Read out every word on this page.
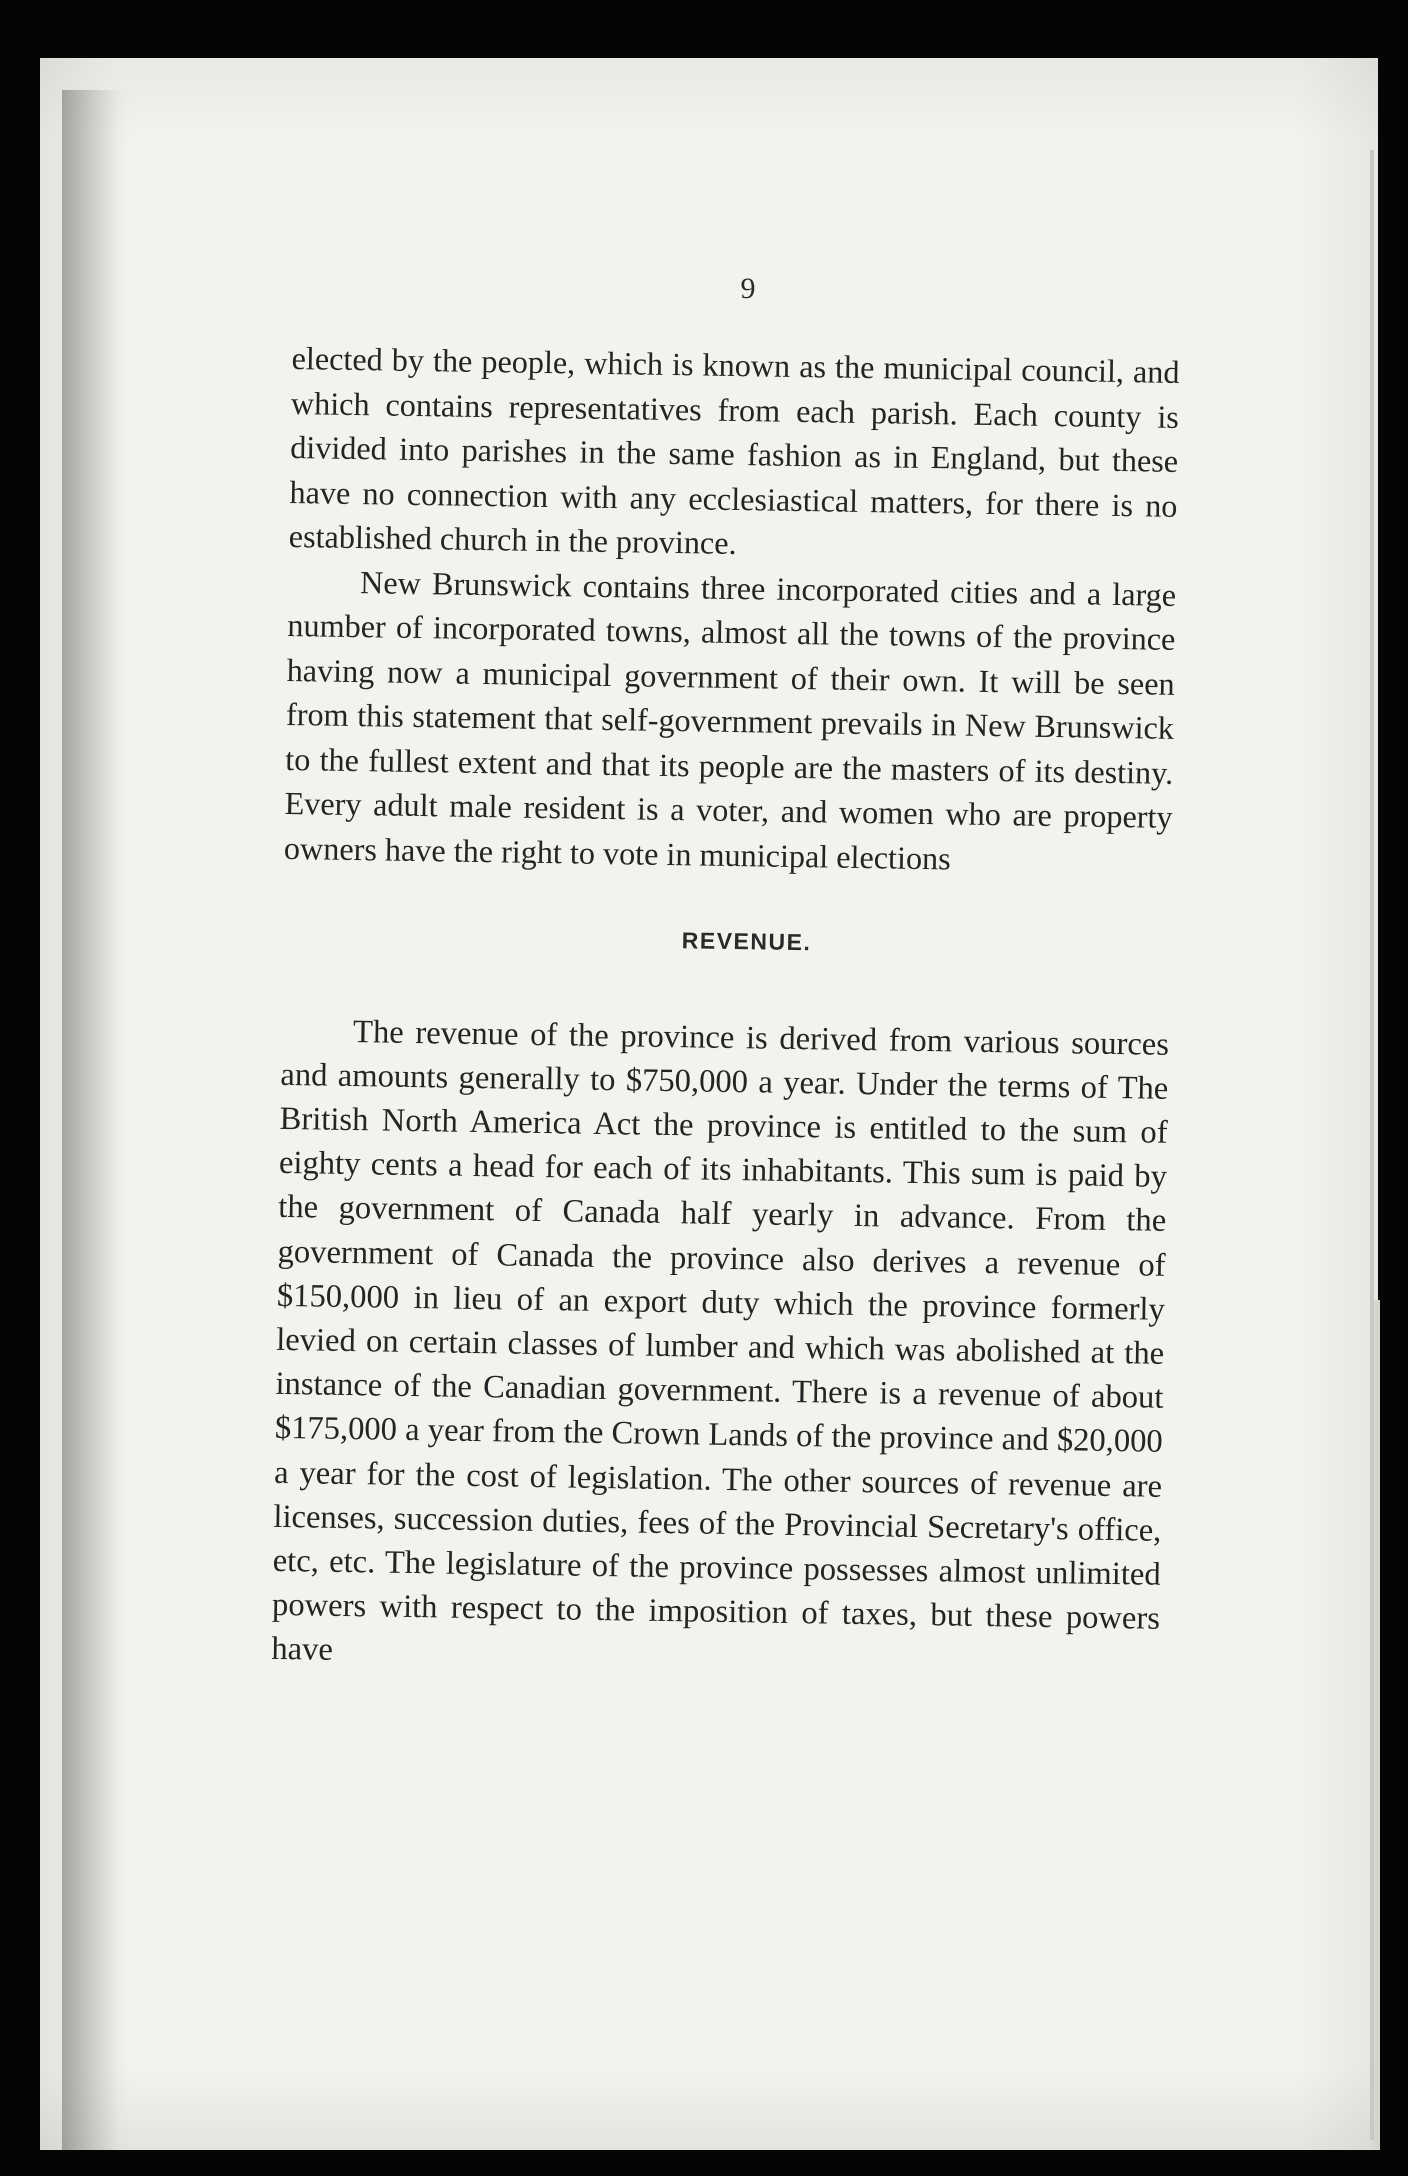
9

elected by the people, which is known as the municipal council, and which contains representatives from each parish. Each county is divided into parishes in the same fashion as in England, but these have no connection with any ecclesiastical matters, for there is no established church in the province.

New Brunswick contains three incorporated cities and a large number of incorporated towns, almost all the towns of the province having now a municipal government of their own. It will be seen from this statement that self-government prevails in New Brunswick to the fullest extent and that its people are the masters of its destiny. Every adult male resident is a voter, and women who are property owners have the right to vote in municipal elections

REVENUE.

The revenue of the province is derived from various sources and amounts generally to $750,000 a year. Under the terms of The British North America Act the province is entitled to the sum of eighty cents a head for each of its inhabitants. This sum is paid by the government of Canada half yearly in advance. From the government of Canada the province also derives a revenue of $150,000 in lieu of an export duty which the province formerly levied on certain classes of lumber and which was abolished at the instance of the Canadian government. There is a revenue of about $175,000 a year from the Crown Lands of the province and $20,000 a year for the cost of legislation. The other sources of revenue are licenses, succession duties, fees of the Provincial Secretary's office, etc, etc. The legislature of the province possesses almost unlimited powers with respect to the imposition of taxes, but these powers have
